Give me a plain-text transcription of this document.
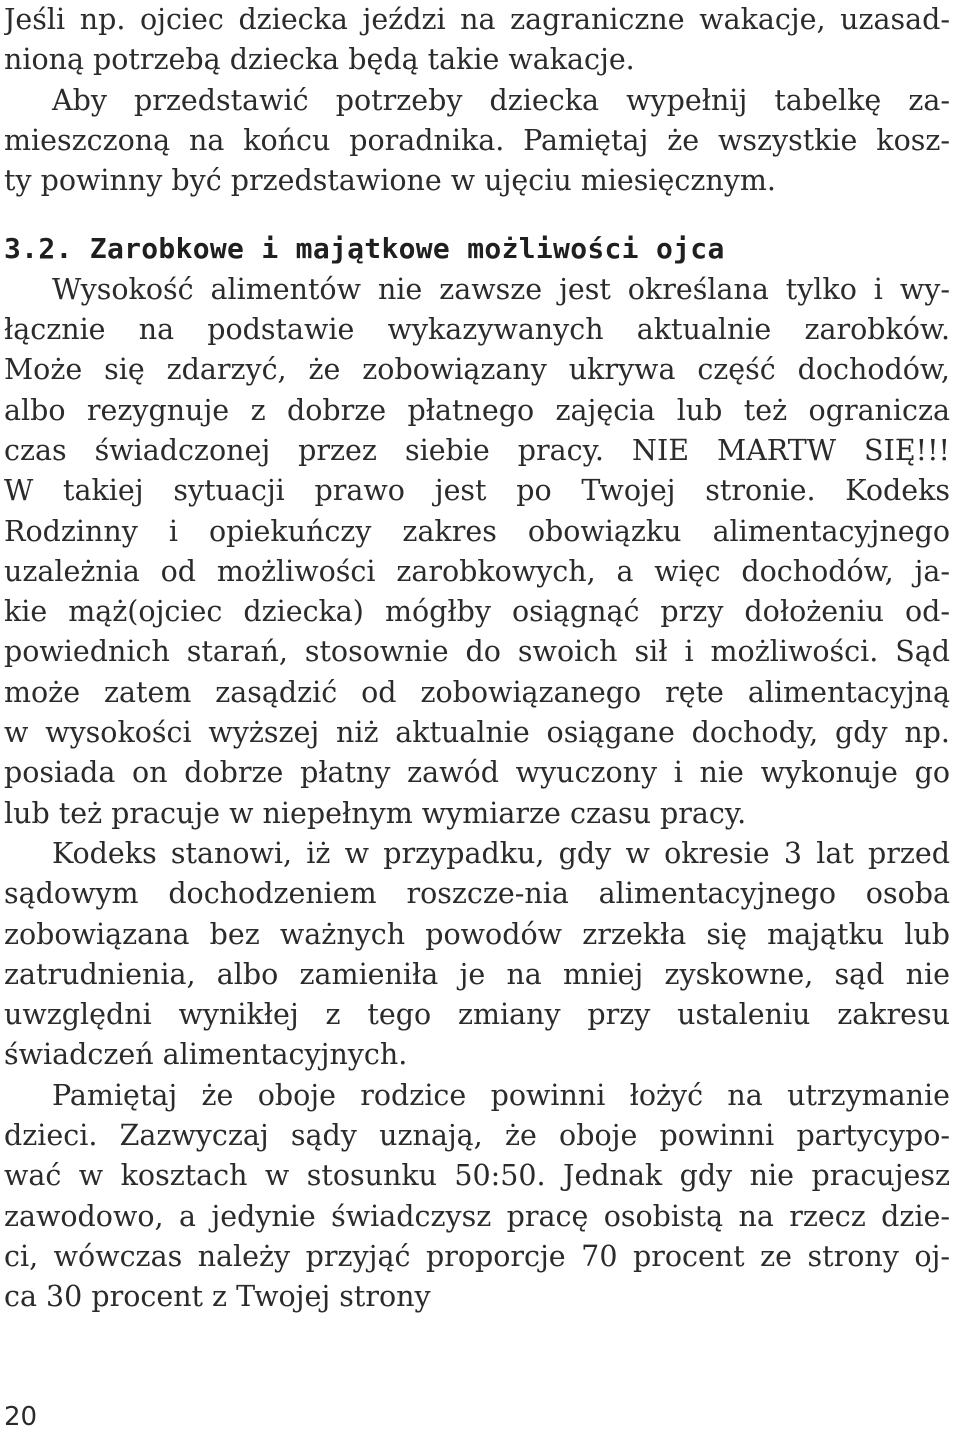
Jeśli np. ojciec dziecka jeździ na zagraniczne wakacje, uzasad-
nioną potrzebą dziecka będą takie wakacje.
Aby przedstawić potrzeby dziecka wypełnij tabelkę za-
mieszczoną na końcu poradnika. Pamiętaj że wszystkie kosz-
ty powinny być przedstawione w ujęciu miesięcznym.
3.2. Zarobkowe i majątkowe możliwości ojca
Wysokość alimentów nie zawsze jest określana tylko i wy-
łącznie na podstawie wykazywanych aktualnie zarobków.
Może się zdarzyć, że zobowiązany ukrywa część dochodów,
albo rezygnuje z dobrze płatnego zajęcia lub też ogranicza
czas świadczonej przez siebie pracy. NIE MARTW SIĘ!!!
W takiej sytuacji prawo jest po Twojej stronie. Kodeks
Rodzinny i opiekuńczy zakres obowiązku alimentacyjnego
uzależnia od możliwości zarobkowych, a więc dochodów, ja-
kie mąż(ojciec dziecka) mógłby osiągnąć przy dołożeniu od-
powiednich starań, stosownie do swoich sił i możliwości. Sąd
może zatem zasądzić od zobowiązanego ręte alimentacyjną
w wysokości wyższej niż aktualnie osiągane dochody, gdy np.
posiada on dobrze płatny zawód wyuczony i nie wykonuje go
lub też pracuje w niepełnym wymiarze czasu pracy.
Kodeks stanowi, iż w przypadku, gdy w okresie 3 lat przed
sądowym dochodzeniem roszcze-nia alimentacyjnego osoba
zobowiązana bez ważnych powodów zrzekła się majątku lub
zatrudnienia, albo zamieniła je na mniej zyskowne, sąd nie
uwzględni wynikłej z tego zmiany przy ustaleniu zakresu
świadczeń alimentacyjnych.
Pamiętaj że oboje rodzice powinni łożyć na utrzymanie
dzieci. Zazwyczaj sądy uznają, że oboje powinni partycypo-
wać w kosztach w stosunku 50:50. Jednak gdy nie pracujesz
zawodowo, a jedynie świadczysz pracę osobistą na rzecz dzie-
ci, wówczas należy przyjąć proporcje 70 procent ze strony oj-
ca 30 procent z Twojej strony
20
